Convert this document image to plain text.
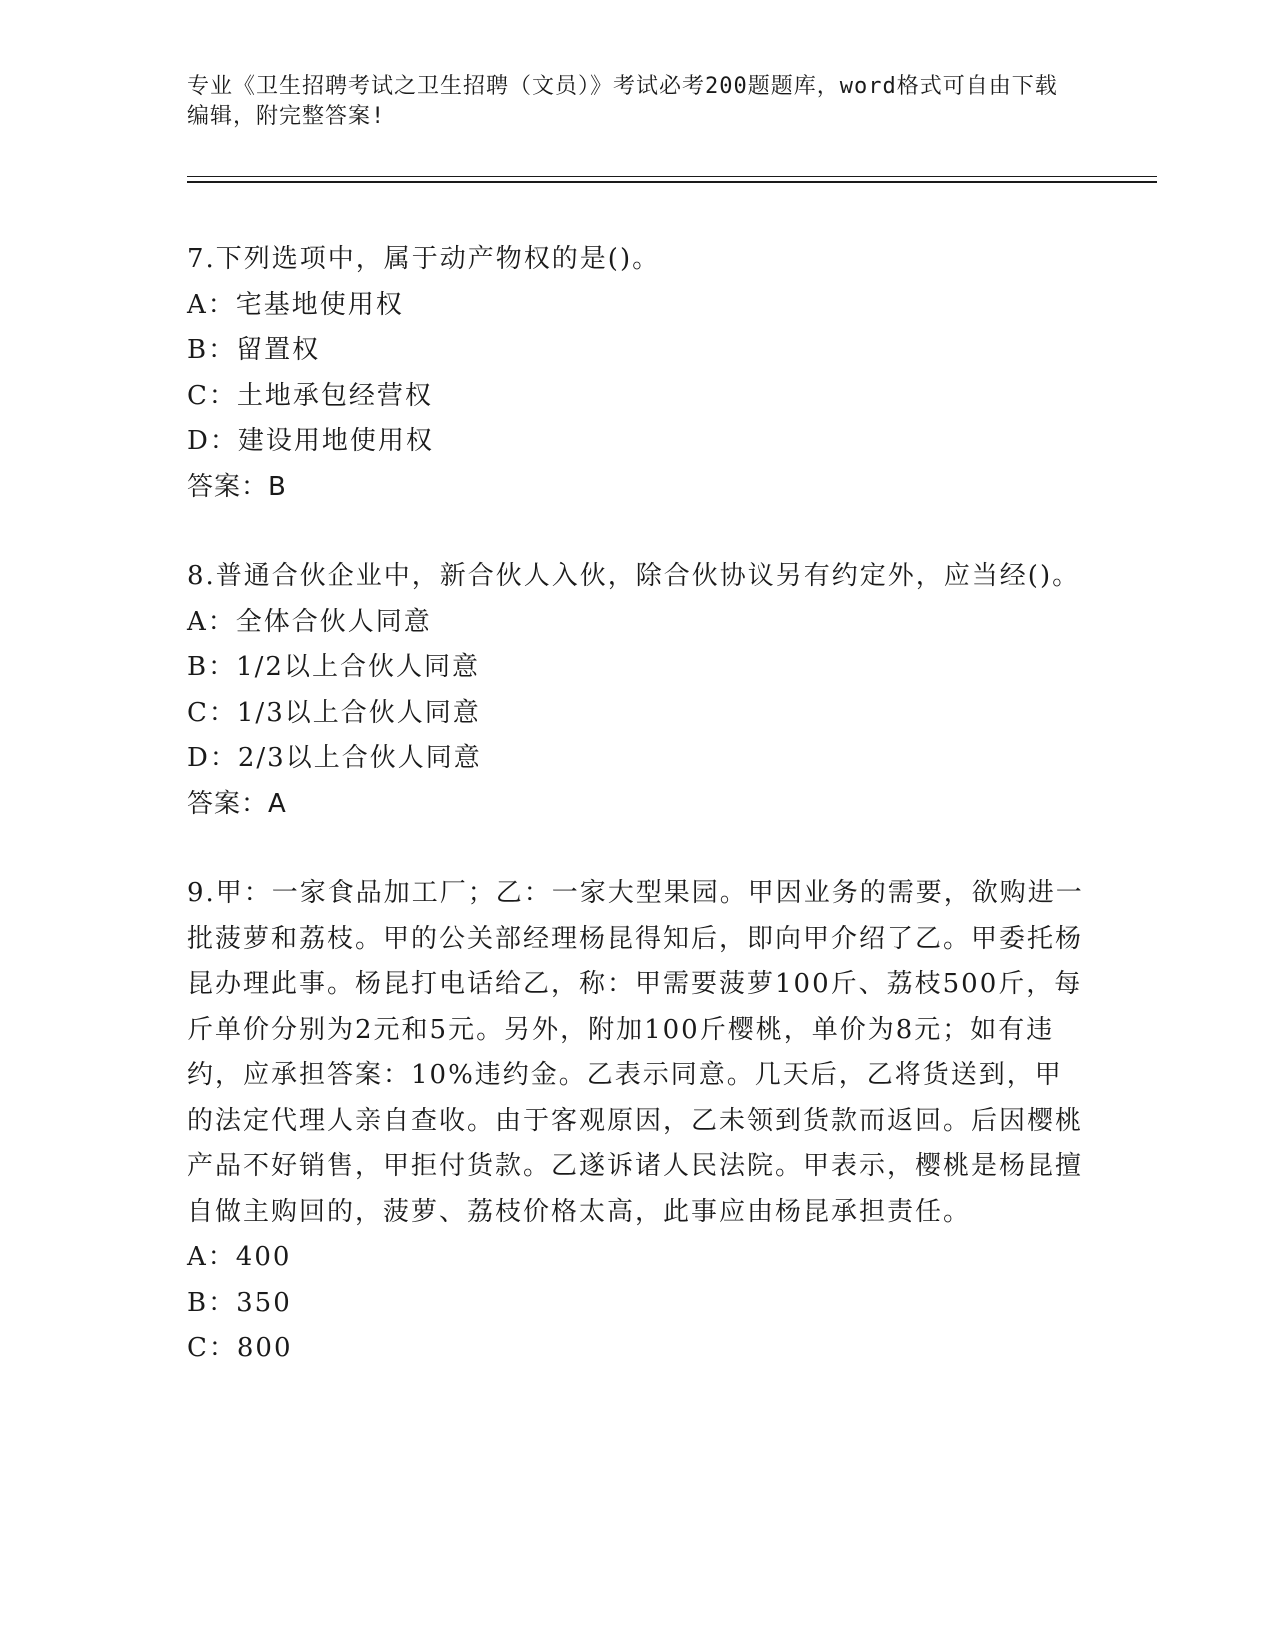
专业《卫生招聘考试之卫生招聘（文员）》考试必考200题题库，word格式可自由下载编辑，附完整答案!

7.下列选项中，属于动产物权的是()。

A：宅基地使用权

B：留置权

C：土地承包经营权

D：建设用地使用权

答案：B

8.普通合伙企业中，新合伙人入伙，除合伙协议另有约定外，应当经()。

A：全体合伙人同意

B：1/2以上合伙人同意

C：1/3以上合伙人同意

D：2/3以上合伙人同意

答案：A

9.甲：一家食品加工厂；乙：一家大型果园。甲因业务的需要，欲购进一批菠萝和荔枝。甲的公关部经理杨昆得知后，即向甲介绍了乙。甲委托杨昆办理此事。杨昆打电话给乙，称：甲需要菠萝100斤、荔枝500斤，每斤单价分别为2元和5元。另外，附加100斤樱桃，单价为8元；如有违约，应承担答案：10%违约金。乙表示同意。几天后，乙将货送到，甲的法定代理人亲自查收。由于客观原因，乙未领到货款而返回。后因樱桃产品不好销售，甲拒付货款。乙遂诉诸人民法院。甲表示，樱桃是杨昆擅自做主购回的，菠萝、荔枝价格太高，此事应由杨昆承担责任。

A：400

B：350

C：800
